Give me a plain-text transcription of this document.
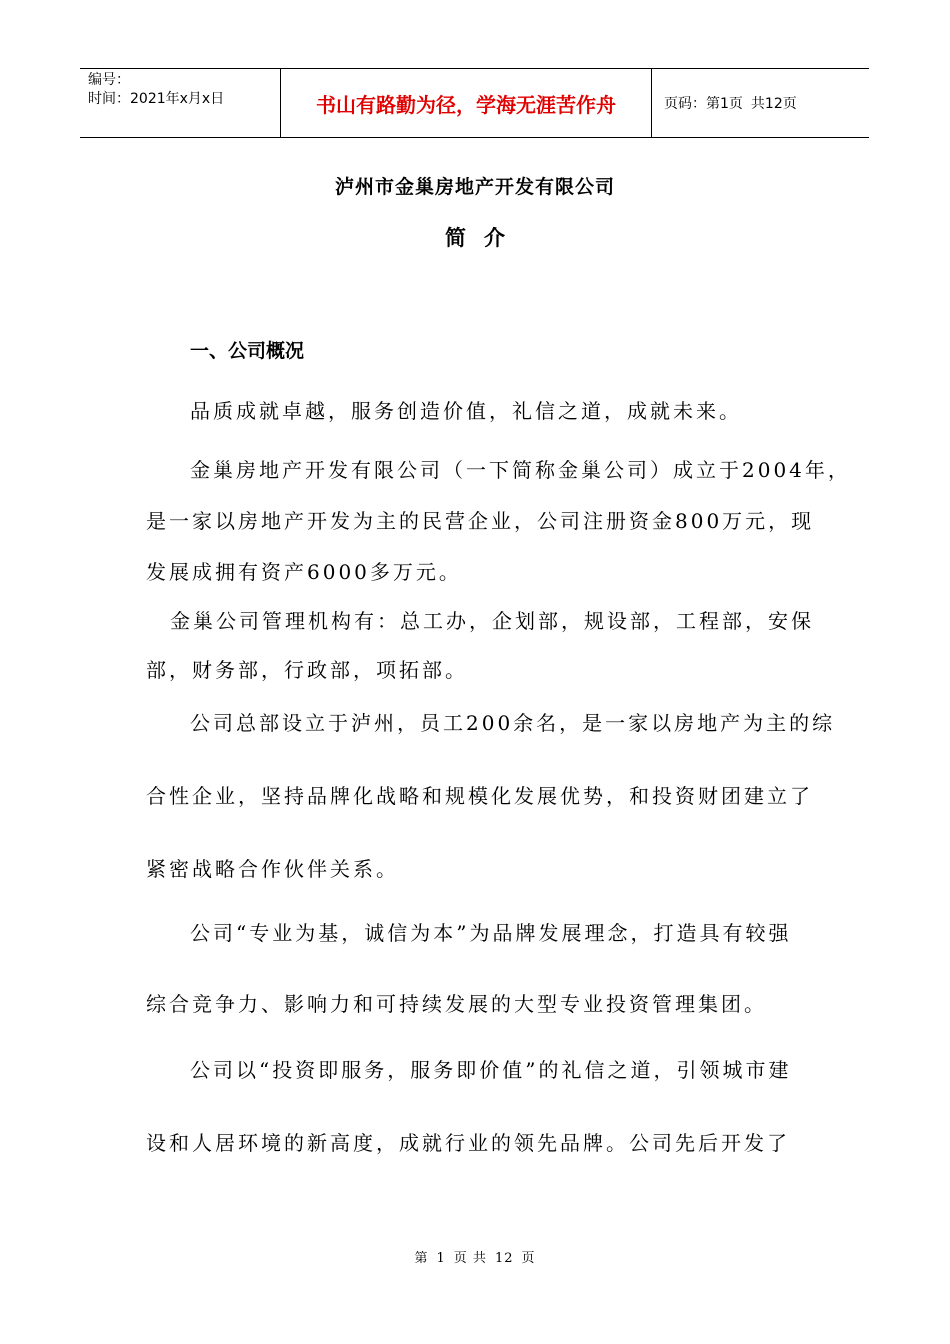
编号：
时间：2021年x月x日	书山有路勤为径，学海无涯苦作舟	页码：第1页 共12页
泸州市金巢房地产开发有限公司
简介
一、公司概况
品质成就卓越，服务创造价值，礼信之道，成就未来。
金巢房地产开发有限公司（一下简称金巢公司）成立于2004年，
是一家以房地产开发为主的民营企业，公司注册资金800万元，现
发展成拥有资产6000多万元。
金巢公司管理机构有：总工办，企划部，规设部，工程部，安保
部，财务部，行政部，项拓部。
公司总部设立于泸州，员工200余名，是一家以房地产为主的综
合性企业，坚持品牌化战略和规模化发展优势，和投资财团建立了
紧密战略合作伙伴关系。
公司“专业为基，诚信为本”为品牌发展理念，打造具有较强
综合竞争力、影响力和可持续发展的大型专业投资管理集团。
公司以“投资即服务，服务即价值”的礼信之道，引领城市建
设和人居环境的新高度，成就行业的领先品牌。公司先后开发了
第 1 页 共 12 页
